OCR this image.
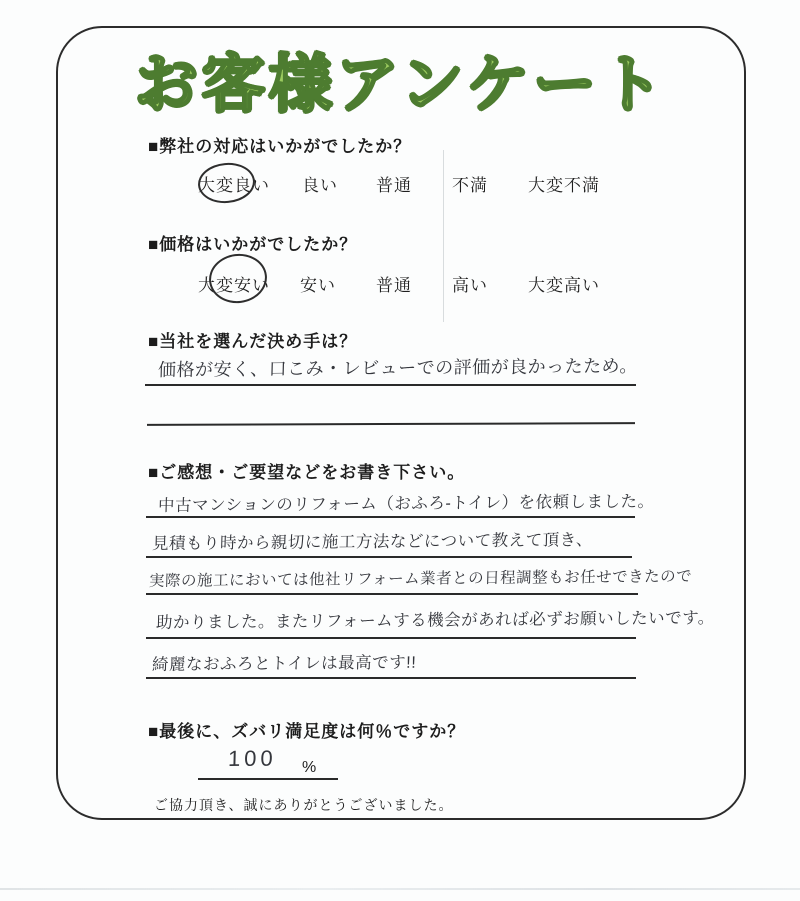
お客様アンケート
■弊社の対応はいかがでしたか？
大変良い 良い 普通 不満 大変不満
■価格はいかがでしたか？
大変安い 安い 普通 高い 大変高い
■当社を選んだ決め手は？
価格が安く、口こみ・レビューでの評価が良かったため。
■ご感想・ご要望などをお書き下さい。
中古マンションのリフォーム（おふろ-トイレ）を依頼しました。
見積もり時から親切に施工方法などについて教えて頂き、
実際の施工においては他社リフォーム業者との日程調整もお任せできたので
助かりました。またリフォームする機会があれば必ずお願いしたいです。
綺麗なおふろとトイレは最高です!!
■最後に、ズバリ満足度は何％ですか？
100 %
ご協力頂き、誠にありがとうございました。
